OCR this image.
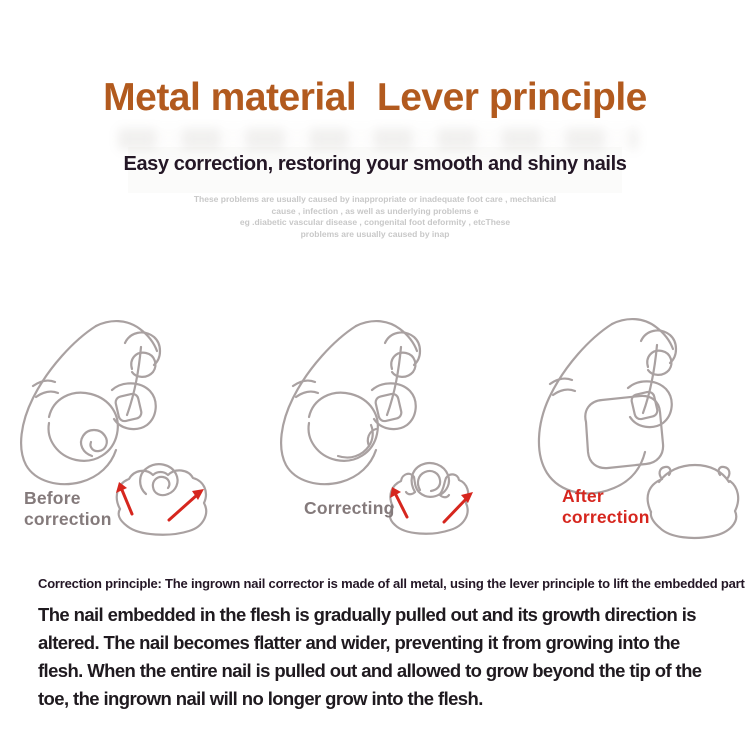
Metal material  Lever principle
Easy correction, restoring your smooth and shiny nails
These problems are usually caused by inappropriate or inadequate foot care , mechanical
cause , infection , as well as underlying problems e
eg .diabetic vascular disease , congenital foot deformity , etcThese
problems are usually caused by inap
Before correction
Correcting
After correction
Correction principle: The ingrown nail corrector is made of all metal, using the lever principle to lift the embedded part
The nail embedded in the flesh is gradually pulled out and its growth direction is altered. The nail becomes flatter and wider, preventing it from growing into the flesh. When the entire nail is pulled out and allowed to grow beyond the tip of the toe, the ingrown nail will no longer grow into the flesh.
